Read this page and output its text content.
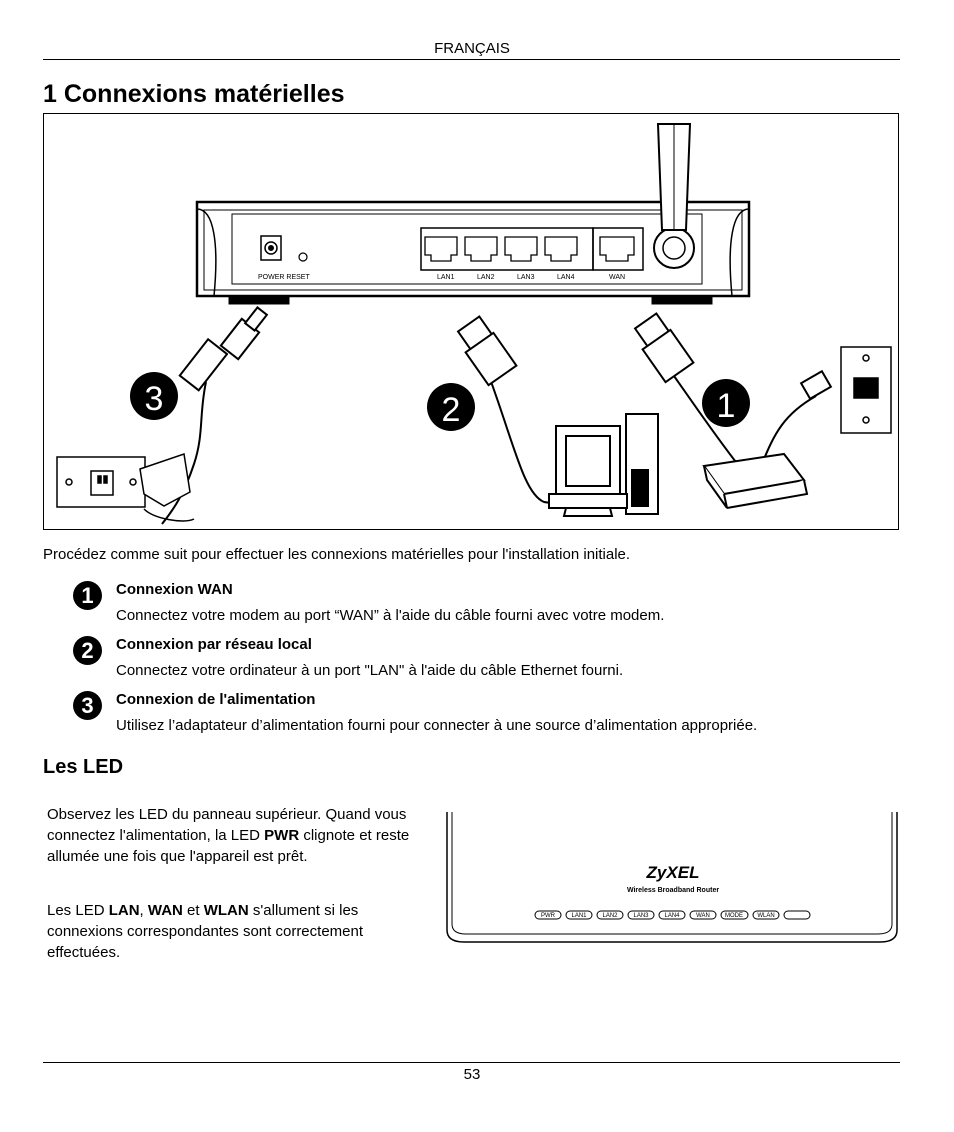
FRANÇAIS
1 Connexions matérielles
POWER RESET	LAN1	LAN2	LAN3	LAN4	WAN
3	2	1
Procédez comme suit pour effectuer les connexions matérielles pour l'installation initiale.
1	Connexion WAN
Connectez votre modem au port “WAN” à l'aide du câble fourni avec votre modem.
2	Connexion par réseau local
Connectez votre ordinateur à un port "LAN" à l'aide du câble Ethernet fourni.
3	Connexion de l'alimentation
Utilisez l’adaptateur d’alimentation fourni pour connecter à une source d’alimentation appropriée.
Les LED

Observez les LED du panneau supérieur. Quand vous connectez l'alimentation, la LED PWR clignote et reste allumée une fois que l'appareil est prêt.

Les LED LAN, WAN et WLAN s'allument si les connexions correspondantes sont correctement effectuées.

ZyXEL
Wireless Broadband Router
PWR	LAN1	LAN2	LAN3	LAN4	WAN	MODE WLAN
53
